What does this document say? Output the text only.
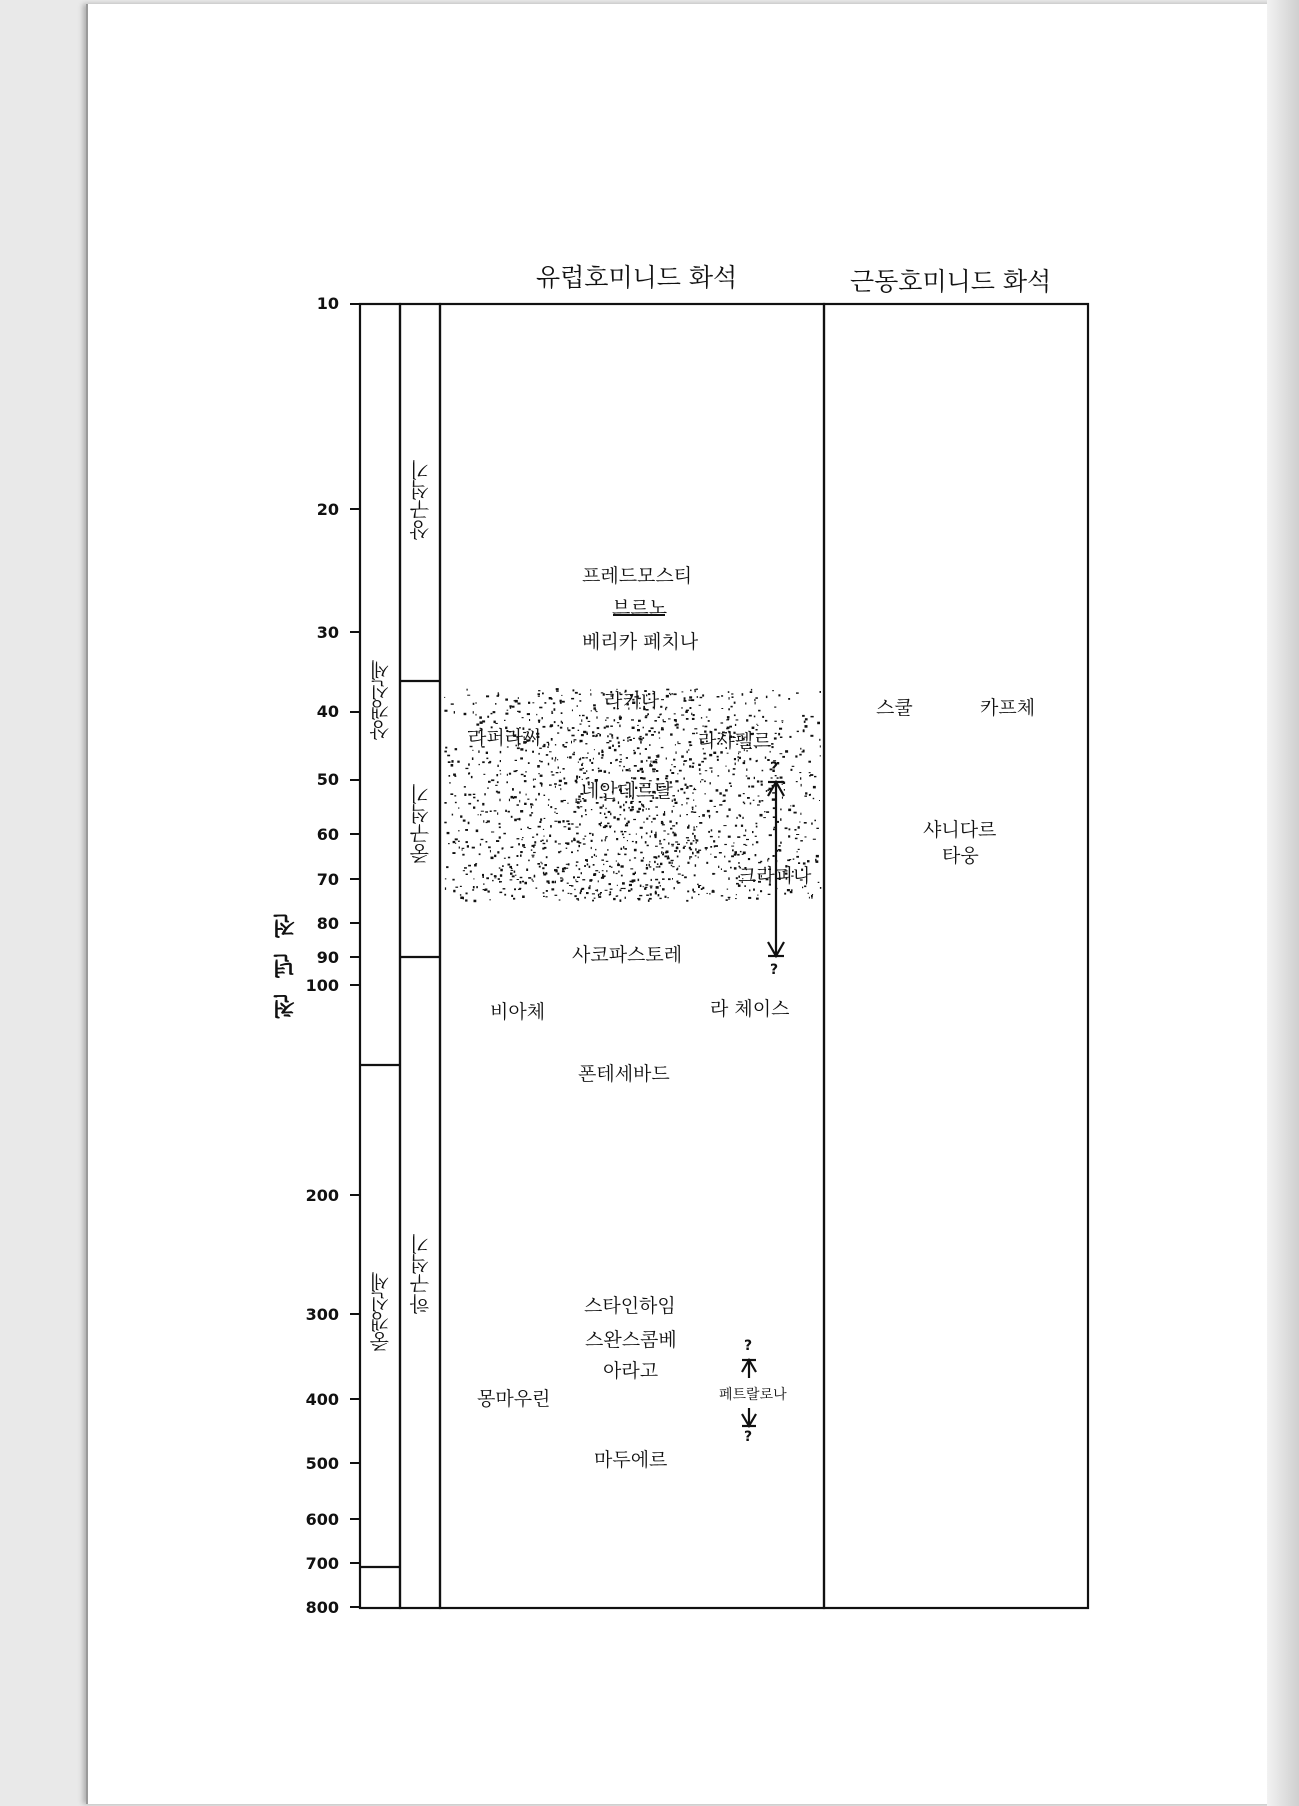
유럽호미니드 화석	근동호미니드 화석
천 년 전
10
20
30
40
50
60
70
80
90
100
200
300
400
500
600
700
800
상갱신세
중갱신세
상구석기
중구석기
하구석기
프레드모스티
브르노
베리카 페치나
라키나
라퍼라씨	라샤펠르
네안데르탈
크라피나
사코파스토레
비아체	라 체이스
폰테세바드
스타인하임
스완스콤베
아라고
몽마우린	페트랄로나
마두에르
?
?
?
?
스쿨	카프체
샤니다르
타웅
